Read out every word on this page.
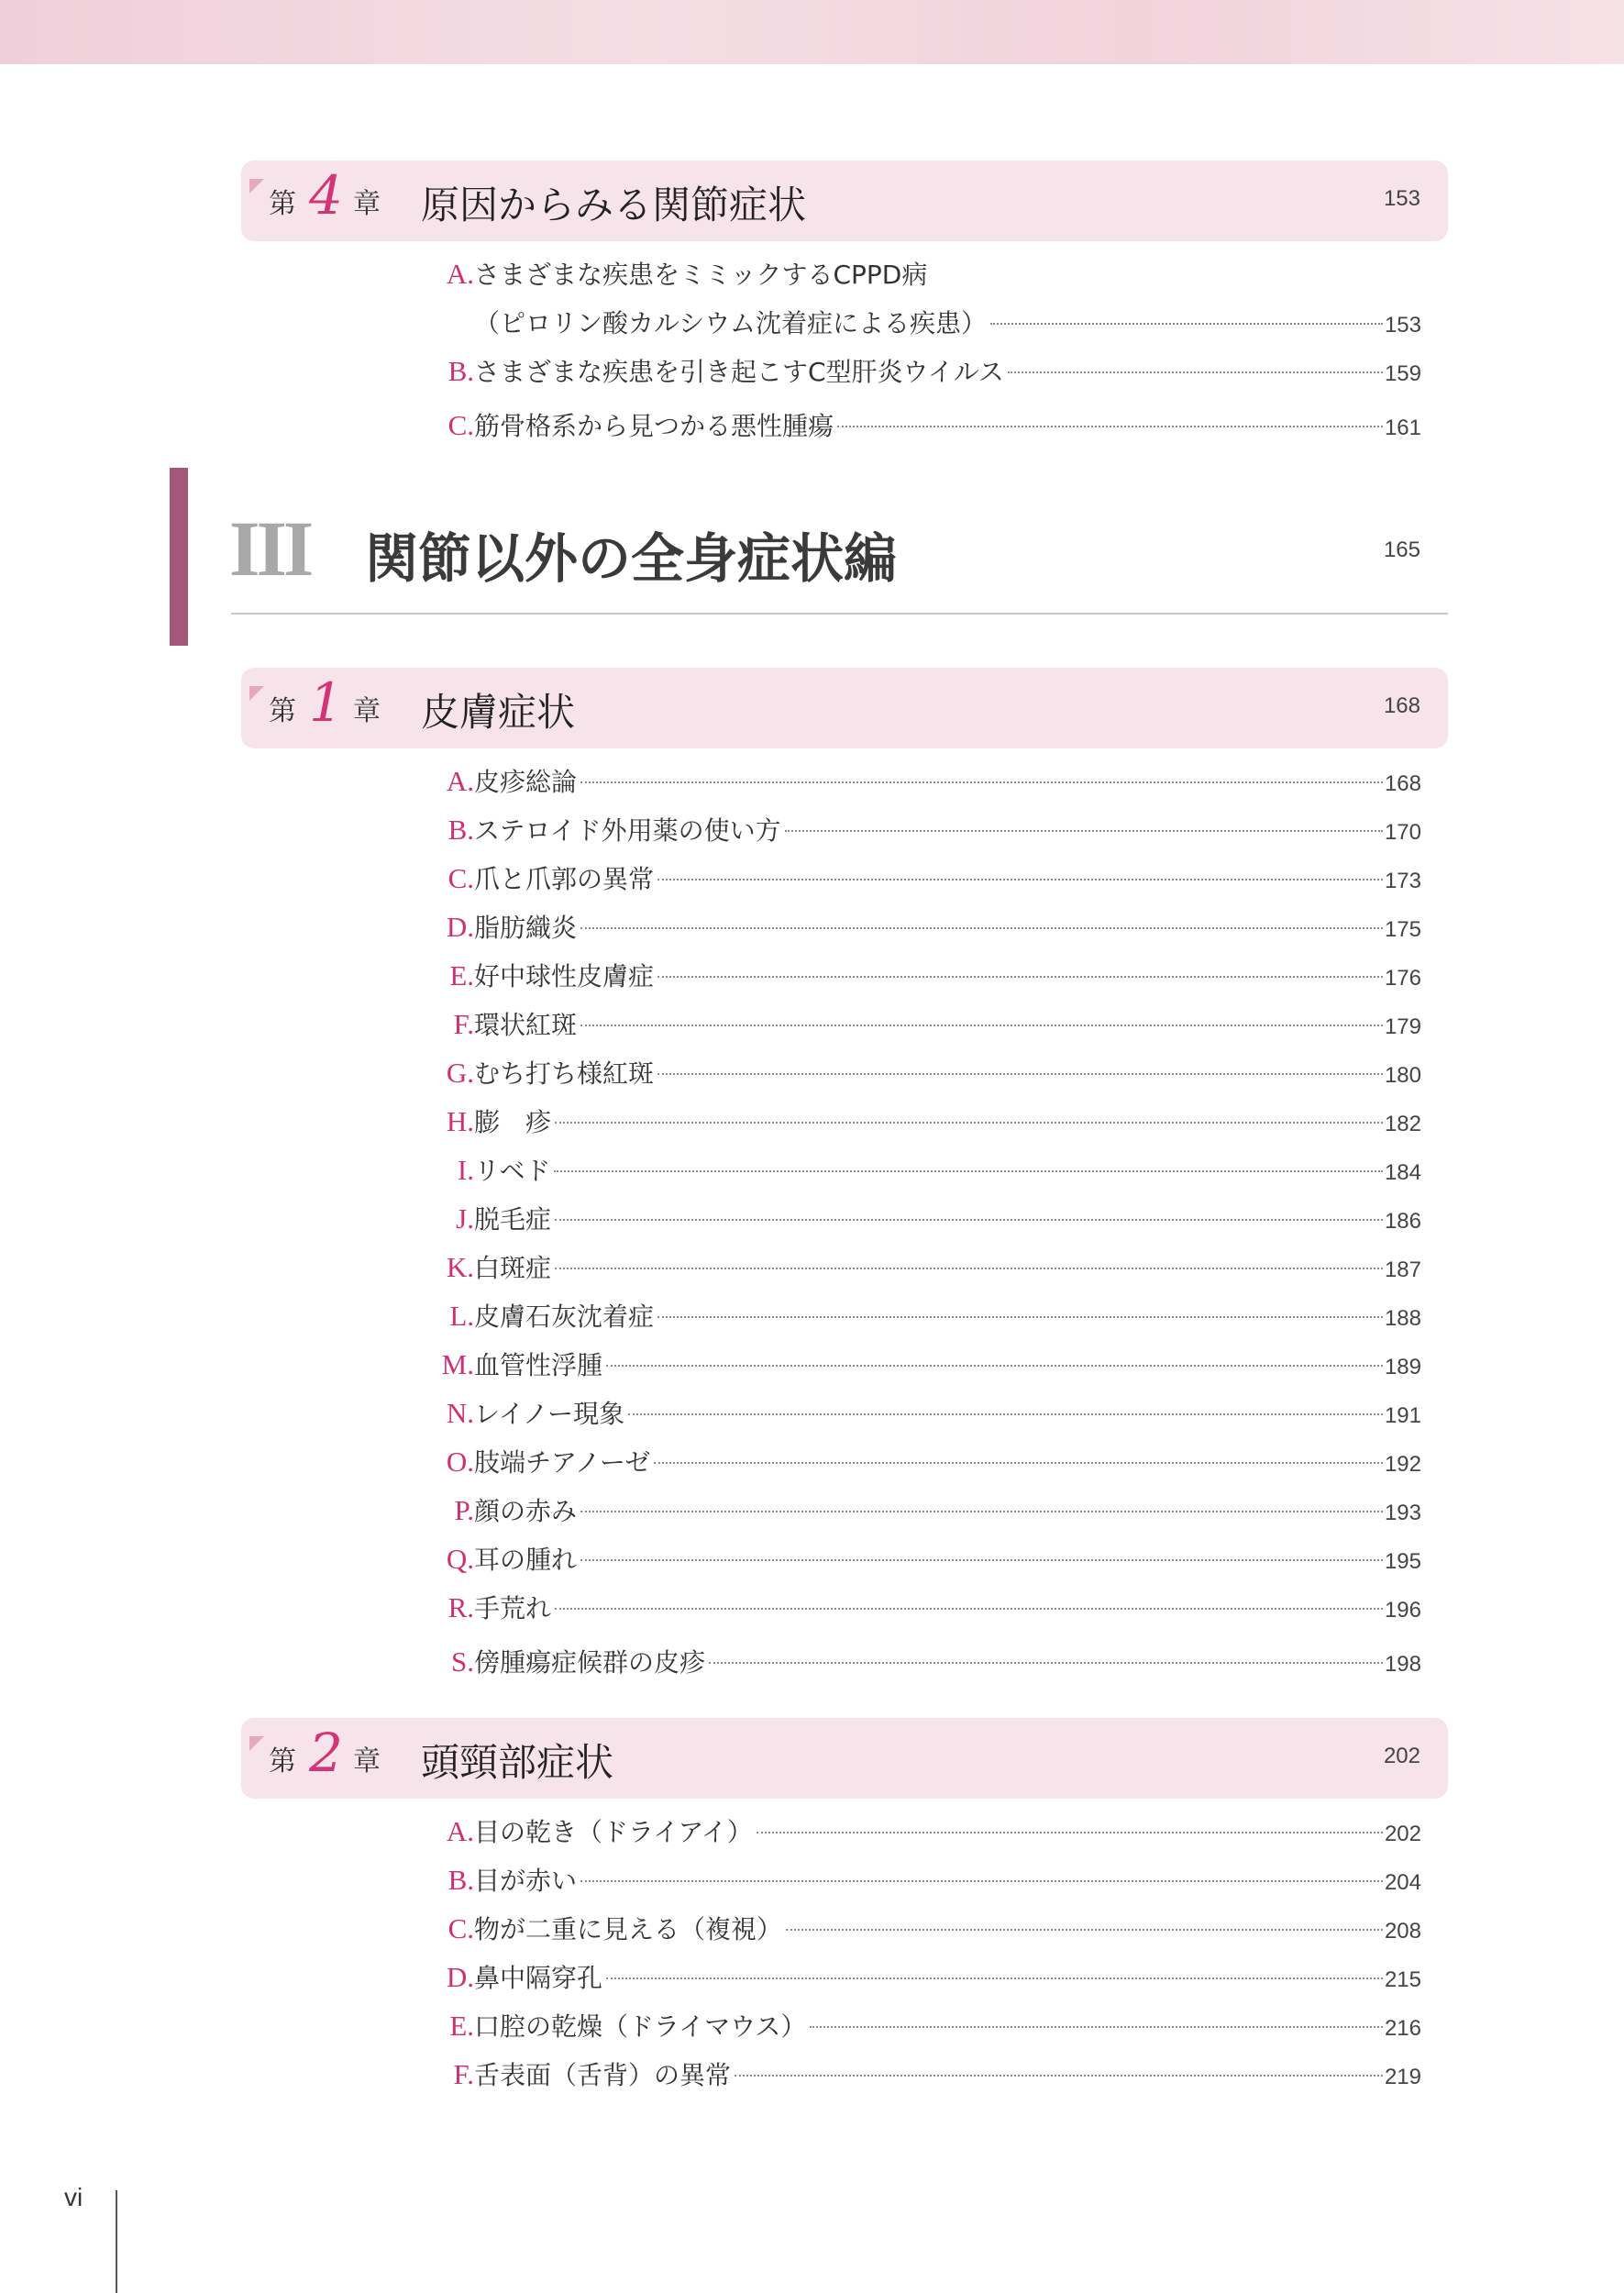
第 4 章 原因からみる関節症状	153
A. さまざまな疾患をミミックするCPPD病
（ピロリン酸カルシウム沈着症による疾患）	153
B. さまざまな疾患を引き起こすC型肝炎ウイルス	159
C. 筋骨格系から見つかる悪性腫瘍	161
III 関節以外の全身症状編	165
第 1 章 皮膚症状	168
A. 皮疹総論	168
B. ステロイド外用薬の使い方	170
C. 爪と爪郭の異常	173
D. 脂肪織炎	175
E. 好中球性皮膚症	176
F. 環状紅斑	179
G. むち打ち様紅斑	180
H. 膨　疹	182
I. リベド	184
J. 脱毛症	186
K. 白斑症	187
L. 皮膚石灰沈着症	188
M. 血管性浮腫	189
N. レイノー現象	191
O. 肢端チアノーゼ	192
P. 顔の赤み	193
Q. 耳の腫れ	195
R. 手荒れ	196
S. 傍腫瘍症候群の皮疹	198
第 2 章 頭頸部症状	202
A. 目の乾き（ドライアイ）	202
B. 目が赤い	204
C. 物が二重に見える（複視）	208
D. 鼻中隔穿孔	215
E. 口腔の乾燥（ドライマウス）	216
F. 舌表面（舌背）の異常	219
vi
